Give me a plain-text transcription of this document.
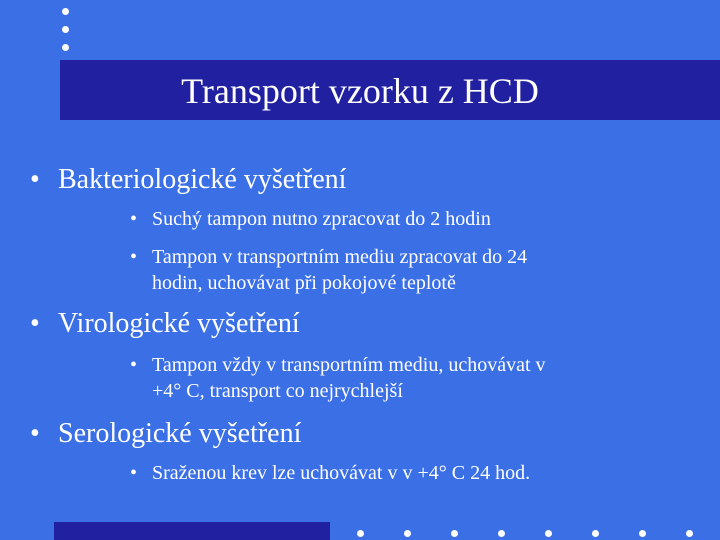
Transport vzorku z HCD
• Bakteriologické vyšetření
• Suchý tampon nutno zpracovat do 2 hodin
• Tampon v transportním mediu zpracovat do 24
hodin, uchovávat při pokojové teplotě
• Virologické vyšetření
• Tampon vždy v transportním mediu, uchovávat v
+4° C, transport co nejrychlejší
• Serologické vyšetření
• Sraženou krev lze uchovávat v v +4° C 24 hod.
